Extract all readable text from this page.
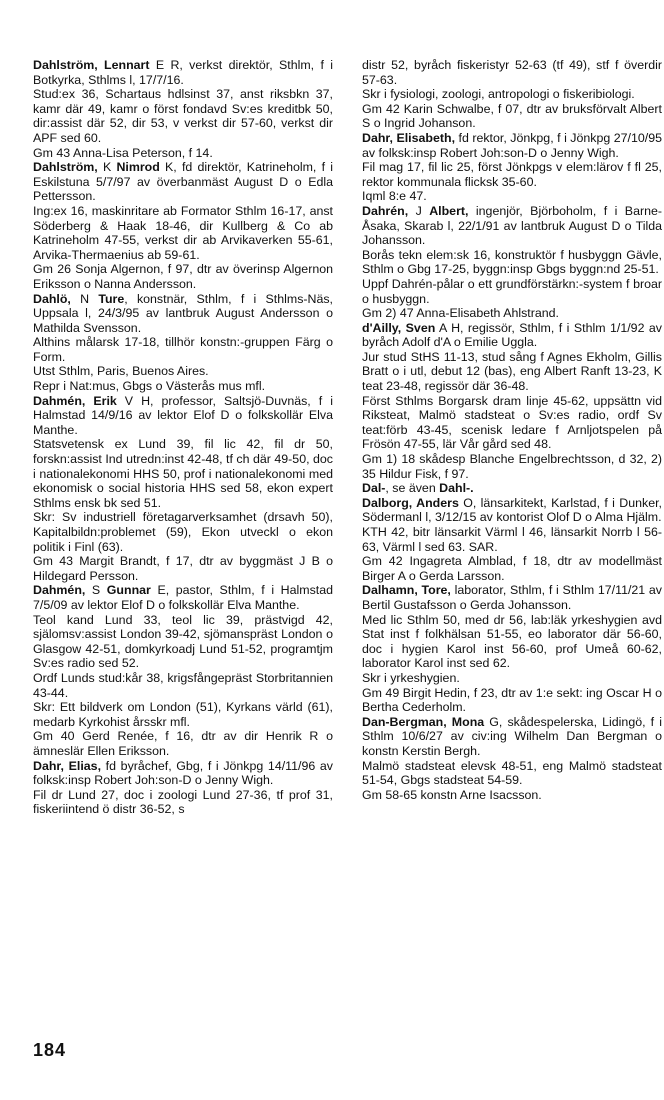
Dahlström, Lennart E R, verkst direktör, Sthlm, f i Botkyrka, Sthlms l, 17/7/16.

Stud:ex 36, Schartaus hdlsinst 37, anst riksbkn 37, kamr där 49, kamr o först fondavd Sv:es kreditbk 50, dir:assist där 52, dir 53, v verkst dir 57-60, verkst dir APF sed 60.

Gm 43 Anna-Lisa Peterson, f 14.

Dahlström, K Nimrod K, fd direktör, Katrineholm, f i Eskilstuna 5/7/97 av överbanmäst August D o Edla Pettersson.

Ing:ex 16, maskinritare ab Formator Sthlm 16-17, anst Söderberg & Haak 18-46, dir Kullberg & Co ab Katrineholm 47-55, verkst dir ab Arvikaverken 55-61, Arvika-Thermaenius ab 59-61.

Gm 26 Sonja Algernon, f 97, dtr av överinsp Algernon Eriksson o Nanna Andersson.

Dahlö, N Ture, konstnär, Sthlm, f i Sthlms-Näs, Uppsala l, 24/3/95 av lantbruk August Andersson o Mathilda Svensson.

Althins målarsk 17-18, tillhör konstn:-gruppen Färg o Form.

Utst Sthlm, Paris, Buenos Aires.

Repr i Nat:mus, Gbgs o Västerås mus mfl.

Dahmén, Erik V H, professor, Saltsjö-Duvnäs, f i Halmstad 14/9/16 av lektor Elof D o folkskollär Elva Manthe.

Statsvetensk ex Lund 39, fil lic 42, fil dr 50, forskn:assist Ind utredn:inst 42-48, tf ch där 49-50, doc i nationalekonomi HHS 50, prof i nationalekonomi med ekonomisk o social historia HHS sed 58, ekon expert Sthlms ensk bk sed 51.

Skr: Sv industriell företagarverksamhet (drsavh 50), Kapitalbildn:problemet (59), Ekon utveckl o ekon politik i Finl (63).

Gm 43 Margit Brandt, f 17, dtr av byggmäst J B o Hildegard Persson.

Dahmén, S Gunnar E, pastor, Sthlm, f i Halmstad 7/5/09 av lektor Elof D o folkskollär Elva Manthe.

Teol kand Lund 33, teol lic 39, prästvigd 42, själomsv:assist London 39-42, sjömanspräst London o Glasgow 42-51, domkyrkoadj Lund 51-52, programtjm Sv:es radio sed 52.

Ordf Lunds stud:kår 38, krigsfångepräst Storbritannien 43-44.

Skr: Ett bildverk om London (51), Kyrkans värld (61), medarb Kyrkohist årsskr mfl.

Gm 40 Gerd Renée, f 16, dtr av dir Henrik R o ämneslär Ellen Eriksson.

Dahr, Elias, fd byråchef, Gbg, f i Jönkpg 14/11/96 av folksk:insp Robert Joh:son-D o Jenny Wigh.

Fil dr Lund 27, doc i zoologi Lund 27-36, tf prof 31, fiskeriintend ö distr 36-52, s

distr 52, byråch fiskeristyr 52-63 (tf 49), stf f överdir 57-63.

Skr i fysiologi, zoologi, antropologi o fiskeribiologi.

Gm 42 Karin Schwalbe, f 07, dtr av bruksförvalt Albert S o Ingrid Johanson.

Dahr, Elisabeth, fd rektor, Jönkpg, f i Jönkpg 27/10/95 av folksk:insp Robert Joh:son-D o Jenny Wigh.

Fil mag 17, fil lic 25, först Jönkpgs v elem:lärov f fl 25, rektor kommunala flicksk 35-60.

Iqml 8:e 47.

Dahrén, J Albert, ingenjör, Björboholm, f i Barne-Åsaka, Skarab l, 22/1/91 av lantbruk August D o Tilda Johansson.

Borås tekn elem:sk 16, konstruktör f husbyggn Gävle, Sthlm o Gbg 17-25, byggn:insp Gbgs byggn:nd 25-51.

Uppf Dahrén-pålar o ett grundförstärkn:-system f broar o husbyggn.

Gm 2) 47 Anna-Elisabeth Ahlstrand.

d'Ailly, Sven A H, regissör, Sthlm, f i Sthlm 1/1/92 av byråch Adolf d'A o Emilie Uggla.

Jur stud StHS 11-13, stud sång f Agnes Ekholm, Gillis Bratt o i utl, debut 12 (bas), eng Albert Ranft 13-23, K teat 23-48, regissör där 36-48.

Först Sthlms Borgarsk dram linje 45-62, uppsättn vid Riksteat, Malmö stadsteat o Sv:es radio, ordf Sv teat:förb 43-45, scenisk ledare f Arnljotspelen på Frösön 47-55, lär Vår gård sed 48.

Gm 1) 18 skådesp Blanche Engelbrechtsson, d 32, 2) 35 Hildur Fisk, f 97.

Dal-, se även Dahl-.

Dalborg, Anders O, länsarkitekt, Karlstad, f i Dunker, Södermanl l, 3/12/15 av kontorist Olof D o Alma Hjälm.

KTH 42, bitr länsarkit Värml l 46, länsarkit Norrb l 56-63, Värml l sed 63. SAR.

Gm 42 Ingagreta Almblad, f 18, dtr av modellmäst Birger A o Gerda Larsson.

Dalhamn, Tore, laborator, Sthlm, f i Sthlm 17/11/21 av Bertil Gustafsson o Gerda Johansson.

Med lic Sthlm 50, med dr 56, lab:läk yrkeshygien avd Stat inst f folkhälsan 51-55, eo laborator där 56-60, doc i hygien Karol inst 56-60, prof Umeå 60-62, laborator Karol inst sed 62.

Skr i yrkeshygien.

Gm 49 Birgit Hedin, f 23, dtr av 1:e sekt: ing Oscar H o Bertha Cederholm.

Dan-Bergman, Mona G, skådespelerska, Lidingö, f i Sthlm 10/6/27 av civ:ing Wilhelm Dan Bergman o konstn Kerstin Bergh.

Malmö stadsteat elevsk 48-51, eng Malmö stadsteat 51-54, Gbgs stadsteat 54-59.

Gm 58-65 konstn Arne Isacsson.

184
